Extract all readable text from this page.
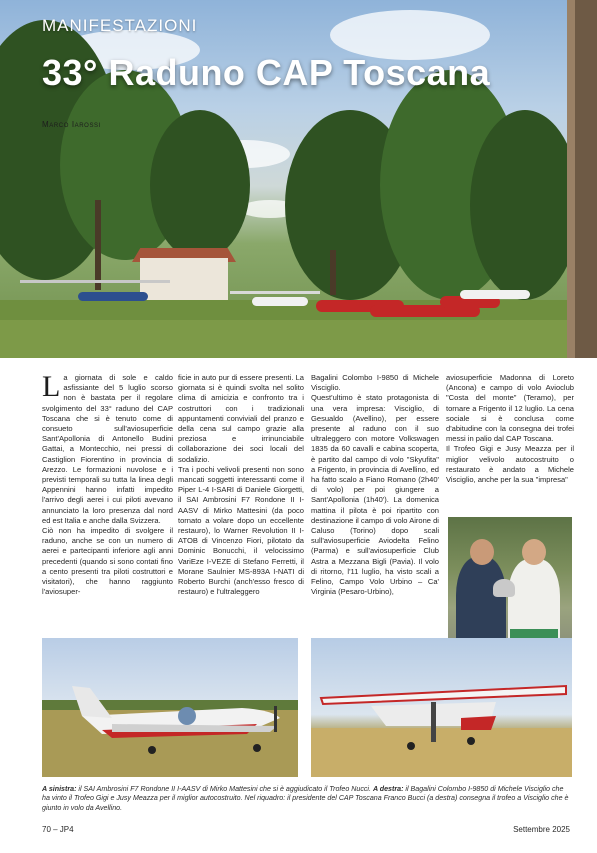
MANIFESTAZIONI
33° Raduno CAP Toscana
Marco Iarossi
L a giornata di sole e caldo asfissiante del 5 luglio scorso non è bastata per il regolare svolgimento del 33° raduno del CAP Toscana che si è tenuto come di consueto sull'aviosuperficie Sant'Apollonia di Antonello Budini Gattai, a Montecchio, nei pressi di Castiglion Fiorentino in provincia di Arezzo. Le formazioni nuvolose e i previsti temporali su tutta la linea degli Appennini hanno infatti impedito l'arrivo degli aerei i cui piloti avevano annunciato la loro presenza dal nord ed est Italia e anche dalla Svizzera.

Ciò non ha impedito di svolgere il raduno, anche se con un numero di aerei e partecipanti inferiore agli anni precedenti (quando si sono contati fino a cento presenti tra piloti costruttori e visitatori), che hanno raggiunto l'aviosuper-

ficie in auto pur di essere presenti. La giornata si è quindi svolta nel solito clima di amicizia e confronto tra i costruttori con i tradizionali appuntamenti conviviali del pranzo e della cena sul campo grazie alla preziosa e irrinunciabile collaborazione dei soci locali del sodalizio.

Tra i pochi velivoli presenti non sono mancati soggetti interessanti come il Piper L-4 I-SARI di Daniele Giorgetti, il SAI Ambrosini F7 Rondone II I-AASV di Mirko Mattesini (da poco tornato a volare dopo un eccellente restauro), lo Warner Revolution II I-ATOB di Vincenzo Fiori, pilotato da Dominic Bonucchi, il velocissimo VariEze I-VEZE di Stefano Ferretti, il Morane Saulnier MS-893A I-NATI di Roberto Burchi (anch'esso fresco di restauro) e l'ultraleggero

Bagalini Colombo I-9850 di Michele Visciglio.

Quest'ultimo è stato protagonista di una vera impresa: Visciglio, di Gesualdo (Avellino), per essere presente al raduno con il suo ultraleggero con motore Volkswagen 1835 da 60 cavalli e cabina scoperta, è partito dal campo di volo "Skyufita" a Frigento, in provincia di Avellino, ed ha fatto scalo a Fiano Romano (2h40' di volo) per poi giungere a Sant'Apollonia (1h40'). La domenica mattina il pilota è poi ripartito con destinazione il campo di volo Airone di Caluso (Torino) dopo scali sull'aviosuperficie Aviodelta Felino (Parma) e sull'aviosuperficie Club Astra a Mezzana Bigli (Pavia). Il volo di ritorno, l'11 luglio, ha visto scali a Felino, Campo Volo Urbino – Ca' Virginia (Pesaro-Urbino),

aviosuperficie Madonna di Loreto (Ancona) e campo di volo Avioclub "Costa del monte" (Teramo), per tornare a Frigento il 12 luglio. La cena sociale si è conclusa come d'abitudine con la consegna dei trofei messi in palio dal CAP Toscana.

Il Trofeo Gigi e Jusy Meazza per il miglior velivolo autocostruito o restaurato è andato a Michele Visciglio, anche per la sua "impresa"

A sinistra: il SAI Ambrosini F7 Rondone II I-AASV di Mirko Mattesini che si è aggiudicato il Trofeo Nucci. A destra: il Bagalini Colombo I-9850 di Michele Visciglio che ha vinto il Trofeo Gigi e Jusy Meazza per il miglior autocostruito. Nel riquadro: il presidente del CAP Toscana Franco Bucci (a destra) consegna il trofeo a Visciglio che è giunto in volo da Avellino.

70 – JP4	Settembre 2025
